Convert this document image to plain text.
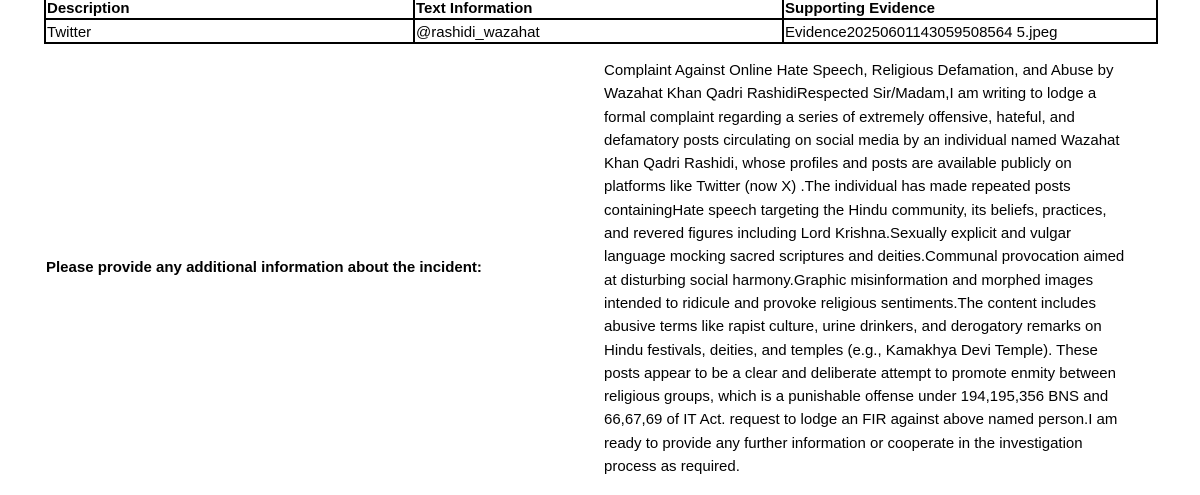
Description	Text Information	Supporting Evidence
Twitter	@rashidi_wazahat	Evidence20250601143059508564 5.jpeg
Please provide any additional information about the incident:
Complaint Against Online Hate Speech, Religious Defamation, and Abuse by
Wazahat Khan Qadri RashidiRespected Sir/Madam,I am writing to lodge a
formal complaint regarding a series of extremely offensive, hateful, and
defamatory posts circulating on social media by an individual named Wazahat
Khan Qadri Rashidi, whose profiles and posts are available publicly on
platforms like Twitter (now X) .The individual has made repeated posts
containingHate speech targeting the Hindu community, its beliefs, practices,
and revered figures including Lord Krishna.Sexually explicit and vulgar
language mocking sacred scriptures and deities.Communal provocation aimed
at disturbing social harmony.Graphic misinformation and morphed images
intended to ridicule and provoke religious sentiments.The content includes
abusive terms like rapist culture, urine drinkers, and derogatory remarks on
Hindu festivals, deities, and temples (e.g., Kamakhya Devi Temple). These
posts appear to be a clear and deliberate attempt to promote enmity between
religious groups, which is a punishable offense under 194,195,356 BNS and
66,67,69 of IT Act. request to lodge an FIR against above named person.I am
ready to provide any further information or cooperate in the investigation
process as required.
